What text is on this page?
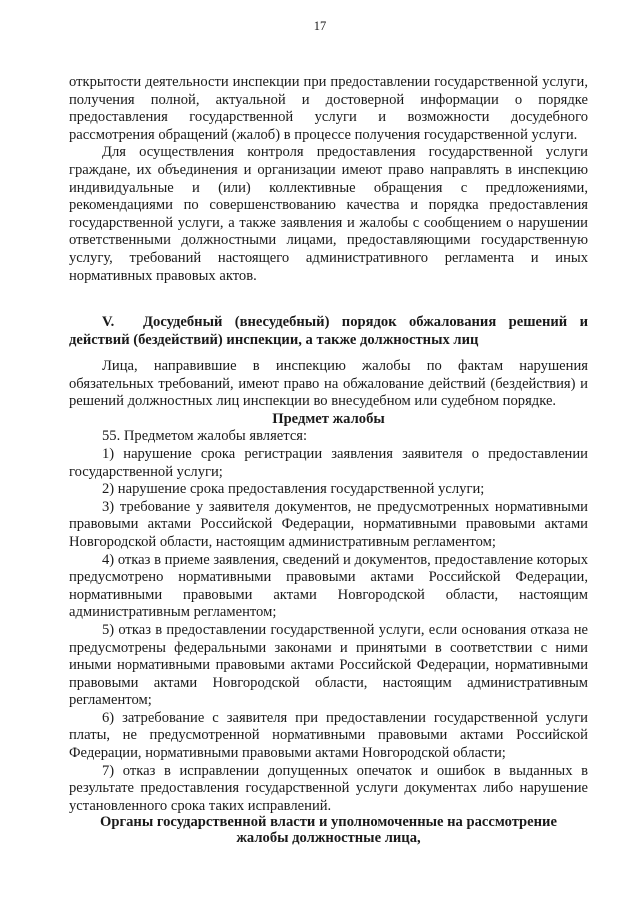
17

открытости деятельности инспекции при предоставлении государственной услуги, получения полной, актуальной и достоверной информации о порядке предоставления государственной услуги и возможности досудебного рассмотрения обращений (жалоб) в процессе получения государственной услуги.

Для осуществления контроля предоставления государственной услуги граждане, их объединения и организации имеют право направлять в инспекцию индивидуальные и (или) коллективные обращения с предложениями, рекомендациями по совершенствованию качества и порядка предоставления государственной услуги, а также заявления и жалобы с сообщением о нарушении ответственными должностными лицами, предоставляющими государственную услугу, требований настоящего административного регламента и иных нормативных правовых актов.

V. Досудебный (внесудебный) порядок обжалования решений и действий (бездействий) инспекции, а также должностных лиц

Лица, направившие в инспекцию жалобы по фактам нарушения обязательных требований, имеют право на обжалование действий (бездействия) и решений должностных лиц инспекции во внесудебном или судебном порядке.

Предмет жалобы

55. Предметом жалобы является:

1) нарушение срока регистрации заявления заявителя о предоставлении государственной услуги;

2) нарушение срока предоставления государственной услуги;

3) требование у заявителя документов, не предусмотренных нормативными правовыми актами Российской Федерации, нормативными правовыми актами Новгородской области, настоящим административным регламентом;

4) отказ в приеме заявления, сведений и документов, предоставление которых предусмотрено нормативными правовыми актами Российской Федерации, нормативными правовыми актами Новгородской области, настоящим административным регламентом;

5) отказ в предоставлении государственной услуги, если основания отказа не предусмотрены федеральными законами и принятыми в соответствии с ними иными нормативными правовыми актами Российской Федерации, нормативными правовыми актами Новгородской области, настоящим административным регламентом;

6) затребование с заявителя при предоставлении государственной услуги платы, не предусмотренной нормативными правовыми актами Российской Федерации, нормативными правовыми актами Новгородской области;

7) отказ в исправлении допущенных опечаток и ошибок в выданных в результате предоставления государственной услуги документах либо нарушение установленного срока таких исправлений.

Органы государственной власти и уполномоченные на рассмотрение
жалобы должностные лица,
